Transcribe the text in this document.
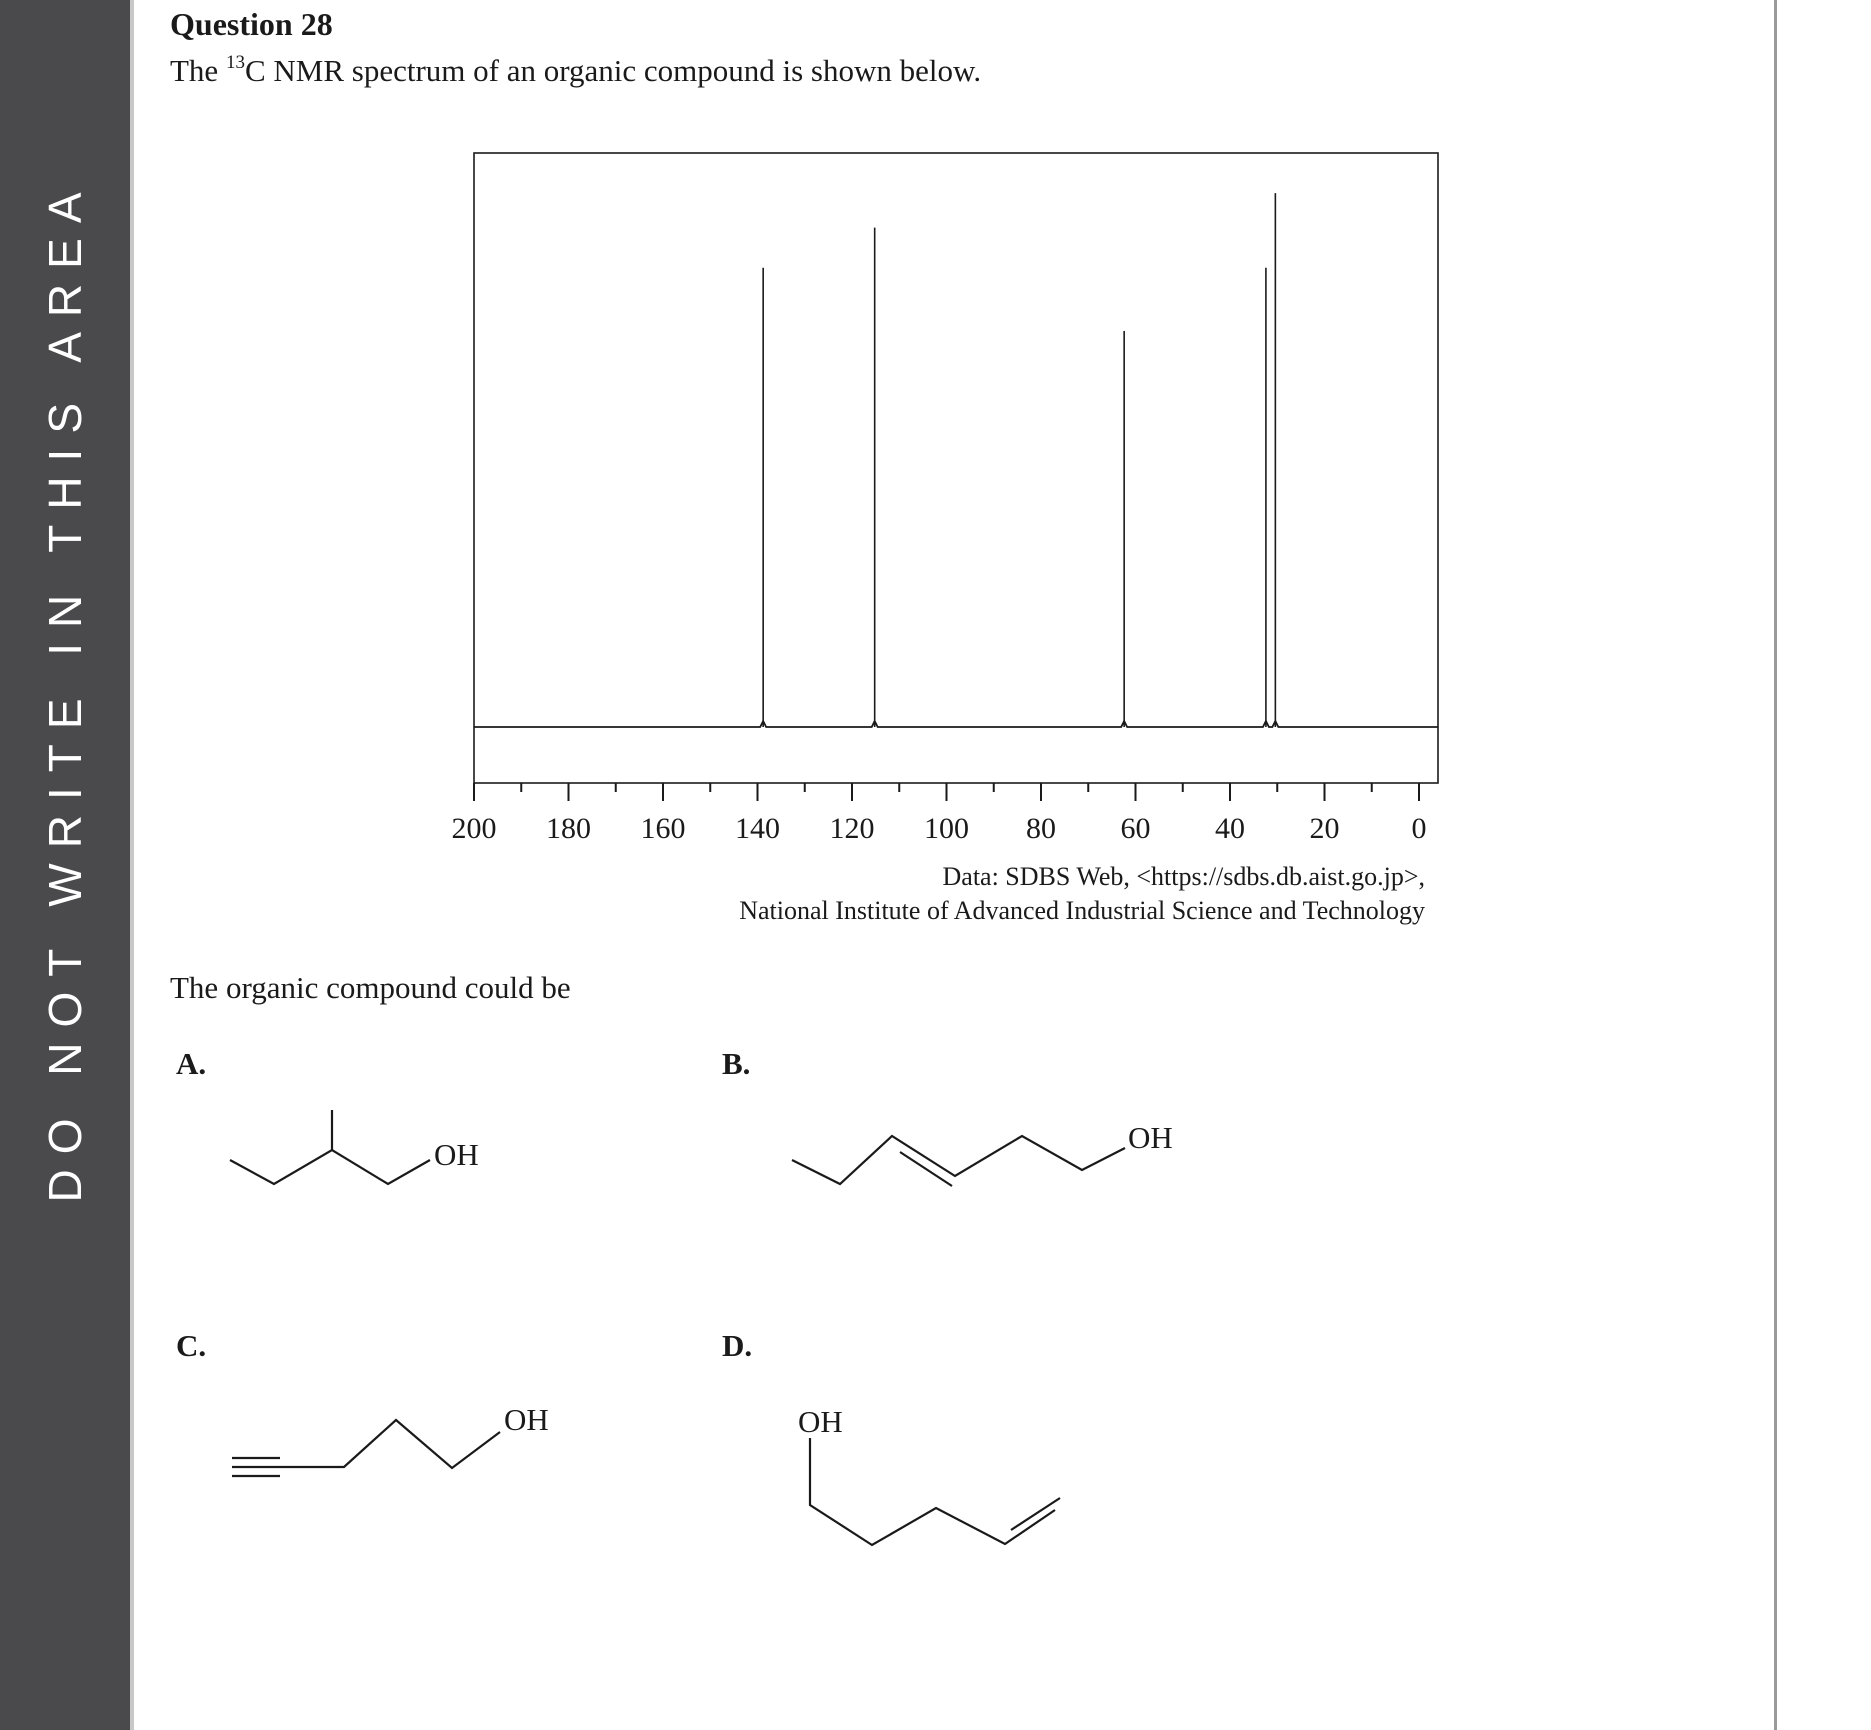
DO NOT WRITE IN THIS AREA
Question 28
The $^{13}$C NMR spectrum of an organic compound is shown below.
200 180 160 140 120 100 80 60 40 20 0
Data: SDBS Web, <https://sdbs.db.aist.go.jp>,
National Institute of Advanced Industrial Science and Technology
The organic compound could be
A.	B.
C.	D.
OH	OH
OH	OH
